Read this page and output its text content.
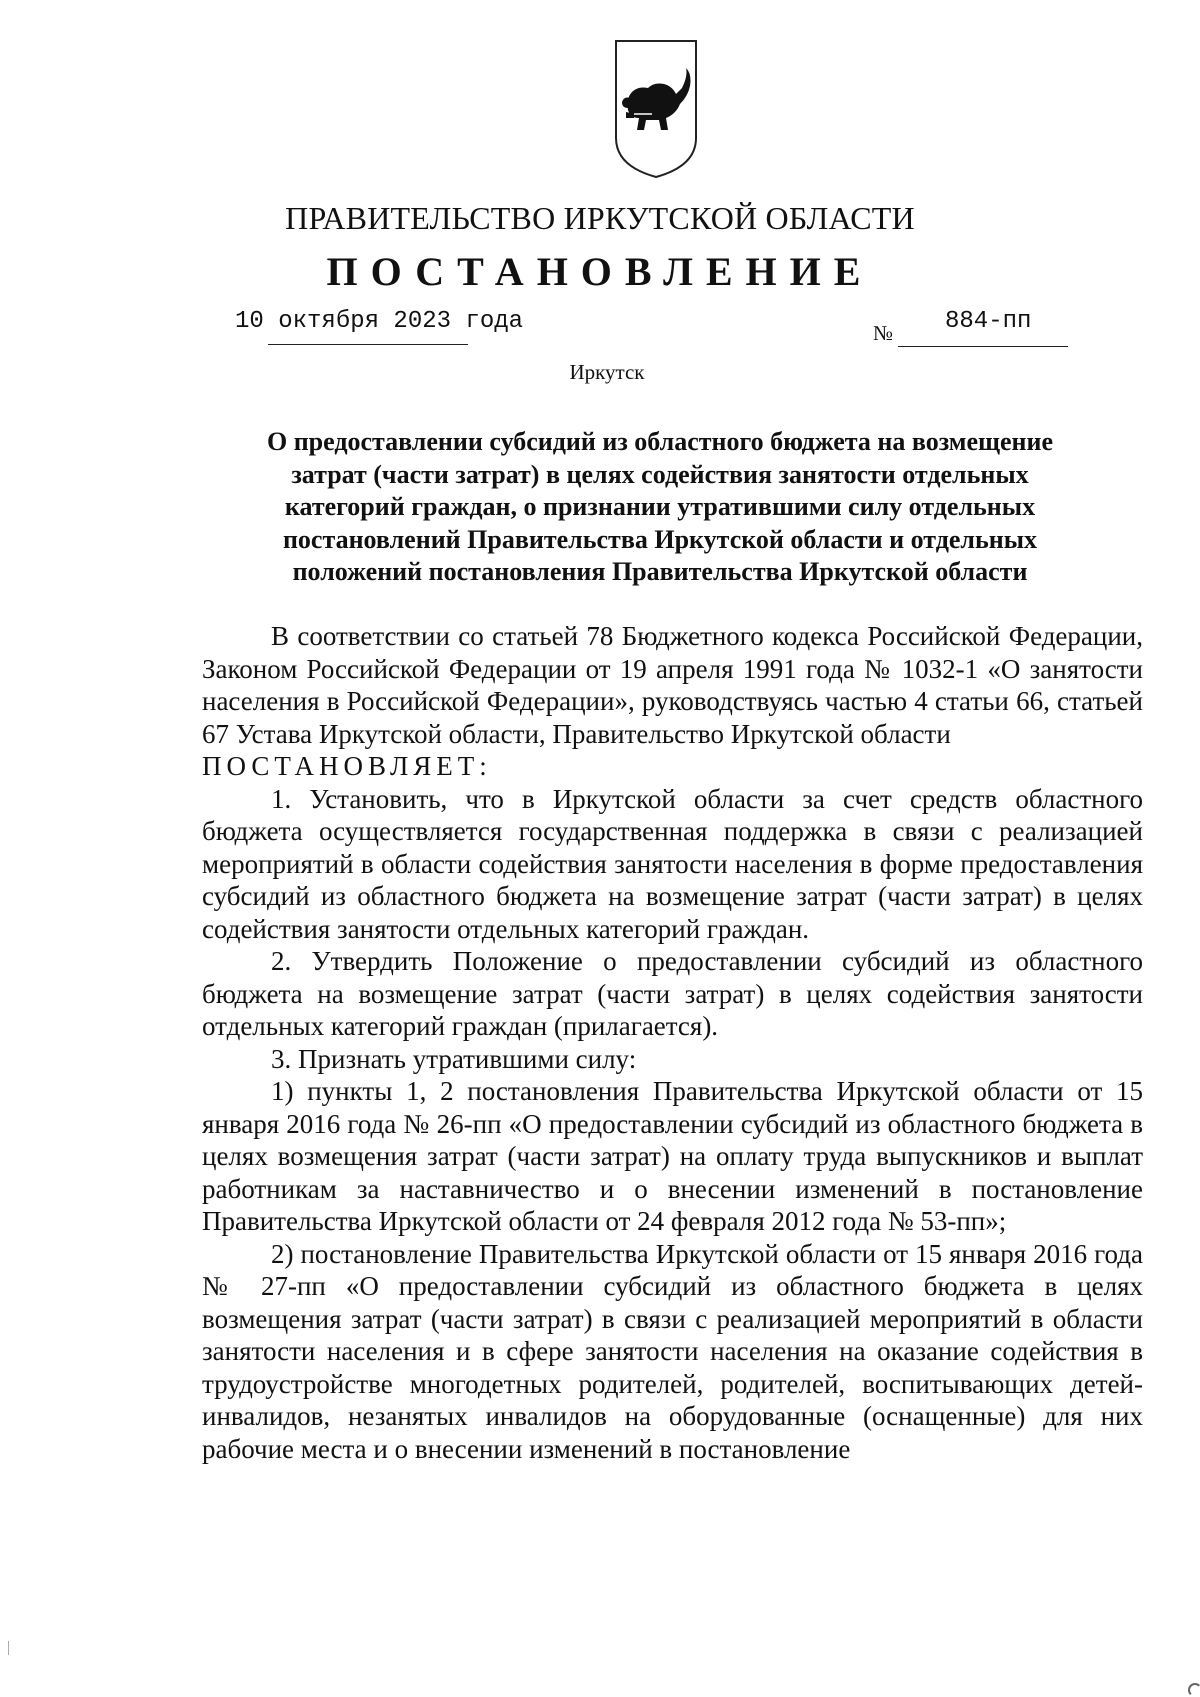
ПРАВИТЕЛЬСТВО ИРКУТСКОЙ ОБЛАСТИ
ПОСТАНОВЛЕНИЕ
10 октября 2023 года	№ 884-пп
Иркутск
О предоставлении субсидий из областного бюджета на возмещение
затрат (части затрат) в целях содействия занятости отдельных
категорий граждан, о признании утратившими силу отдельных
постановлений Правительства Иркутской области и отдельных
положений постановления Правительства Иркутской области
В соответствии со статьей 78 Бюджетного кодекса Российской Федерации, Законом Российской Федерации от 19 апреля 1991 года № 1032-1 «О занятости населения в Российской Федерации», руководствуясь частью 4 статьи 66, статьей 67 Устава Иркутской области, Правительство Иркутской области
ПОСТАНОВЛЯЕТ:
1. Установить, что в Иркутской области за счет средств областного бюджета осуществляется государственная поддержка в связи с реализацией мероприятий в области содействия занятости населения в форме предоставления субсидий из областного бюджета на возмещение затрат (части затрат) в целях содействия занятости отдельных категорий граждан.
2. Утвердить Положение о предоставлении субсидий из областного бюджета на возмещение затрат (части затрат) в целях содействия занятости отдельных категорий граждан (прилагается).
3. Признать утратившими силу:
1) пункты 1, 2 постановления Правительства Иркутской области от 15 января 2016 года № 26-пп «О предоставлении субсидий из областного бюджета в целях возмещения затрат (части затрат) на оплату труда выпускников и выплат работникам за наставничество и о внесении изменений в постановление Правительства Иркутской области от 24 февраля 2012 года № 53-пп»;
2) постановление Правительства Иркутской области от 15 января 2016 года № 27-пп «О предоставлении субсидий из областного бюджета в целях возмещения затрат (части затрат) в связи с реализацией мероприятий в области занятости населения и в сфере занятости населения на оказание содействия в трудоустройстве многодетных родителей, родителей, воспитывающих детей-инвалидов, незанятых инвалидов на оборудованные (оснащенные) для них рабочие места и о внесении изменений в постановление
